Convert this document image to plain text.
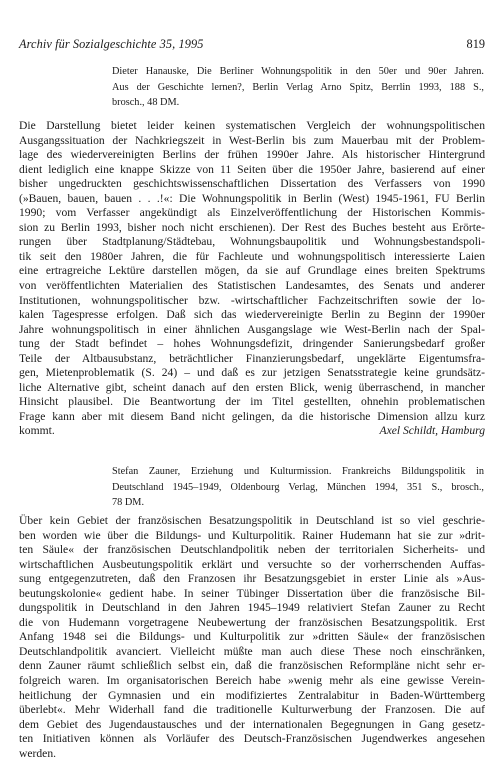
Archiv für Sozialgeschichte 35, 1995	819
Dieter Hanauske, Die Berliner Wohnungspolitik in den 50er und 90er Jahren.
Aus der Geschichte lernen?, Berlin Verlag Arno Spitz, Berrlin 1993, 188 S.,
brosch., 48 DM.
Die Darstellung bietet leider keinen systematischen Vergleich der wohnungspolitischen
Ausgangssituation der Nachkriegszeit in West-Berlin bis zum Mauerbau mit der Problem-
lage des wiedervereinigten Berlins der frühen 1990er Jahre. Als historischer Hintergrund
dient lediglich eine knappe Skizze von 11 Seiten über die 1950er Jahre, basierend auf einer
bisher ungedruckten geschichtswissenschaftlichen Dissertation des Verfassers von 1990
(»Bauen, bauen, bauen . . .!«: Die Wohnungspolitik in Berlin (West) 1945-1961, FU Berlin
1990; vom Verfasser angekündigt als Einzelveröffentlichung der Historischen Kommis-
sion zu Berlin 1993, bisher noch nicht erschienen). Der Rest des Buches besteht aus Erörte-
rungen über Stadtplanung/Städtebau, Wohnungsbaupolitik und Wohnungsbestandspoli-
tik seit den 1980er Jahren, die für Fachleute und wohnungspolitisch interessierte Laien
eine ertragreiche Lektüre darstellen mögen, da sie auf Grundlage eines breiten Spektrums
von veröffentlichten Materialien des Statistischen Landesamtes, des Senats und anderer
Institutionen, wohnungspolitischer bzw. -wirtschaftlicher Fachzeitschriften sowie der lo-
kalen Tagespresse erfolgen. Daß sich das wiedervereinigte Berlin zu Beginn der 1990er
Jahre wohnungspolitisch in einer ähnlichen Ausgangslage wie West-Berlin nach der Spal-
tung der Stadt befindet – hohes Wohnungsdefizit, dringender Sanierungsbedarf großer
Teile der Altbausubstanz, beträchtlicher Finanzierungsbedarf, ungeklärte Eigentumsfra-
gen, Mietenproblematik (S. 24) – und daß es zur jetzigen Senatsstrategie keine grundsätz-
liche Alternative gibt, scheint danach auf den ersten Blick, wenig überraschend, in mancher
Hinsicht plausibel. Die Beantwortung der im Titel gestellten, ohnehin problematischen
Frage kann aber mit diesem Band nicht gelingen, da die historische Dimension allzu kurz
kommt.	Axel Schildt, Hamburg
Stefan Zauner, Erziehung und Kulturmission. Frankreichs Bildungspolitik in
Deutschland 1945–1949, Oldenbourg Verlag, München 1994, 351 S., brosch.,
78 DM.
Über kein Gebiet der französischen Besatzungspolitik in Deutschland ist so viel geschrie-
ben worden wie über die Bildungs- und Kulturpolitik. Rainer Hudemann hat sie zur »drit-
ten Säule« der französischen Deutschlandpolitik neben der territorialen Sicherheits- und
wirtschaftlichen Ausbeutungspolitik erklärt und versuchte so der vorherrschenden Auffas-
sung entgegenzutreten, daß den Franzosen ihr Besatzungsgebiet in erster Linie als »Aus-
beutungskolonie« gedient habe. In seiner Tübinger Dissertation über die französische Bil-
dungspolitik in Deutschland in den Jahren 1945–1949 relativiert Stefan Zauner zu Recht
die von Hudemann vorgetragene Neubewertung der französischen Besatzungspolitik. Erst
Anfang 1948 sei die Bildungs- und Kulturpolitik zur »dritten Säule« der französischen
Deutschlandpolitik avanciert. Vielleicht müßte man auch diese These noch einschränken,
denn Zauner räumt schließlich selbst ein, daß die französischen Reformpläne nicht sehr er-
folgreich waren. Im organisatorischen Bereich habe »wenig mehr als eine gewisse Verein-
heitlichung der Gymnasien und ein modifiziertes Zentralabitur in Baden-Württemberg
überlebt«. Mehr Widerhall fand die traditionelle Kulturwerbung der Franzosen. Die auf
dem Gebiet des Jugendaustausches und der internationalen Begegnungen in Gang gesetz-
ten Initiativen können als Vorläufer des Deutsch-Französischen Jugendwerkes angesehen
werden.
